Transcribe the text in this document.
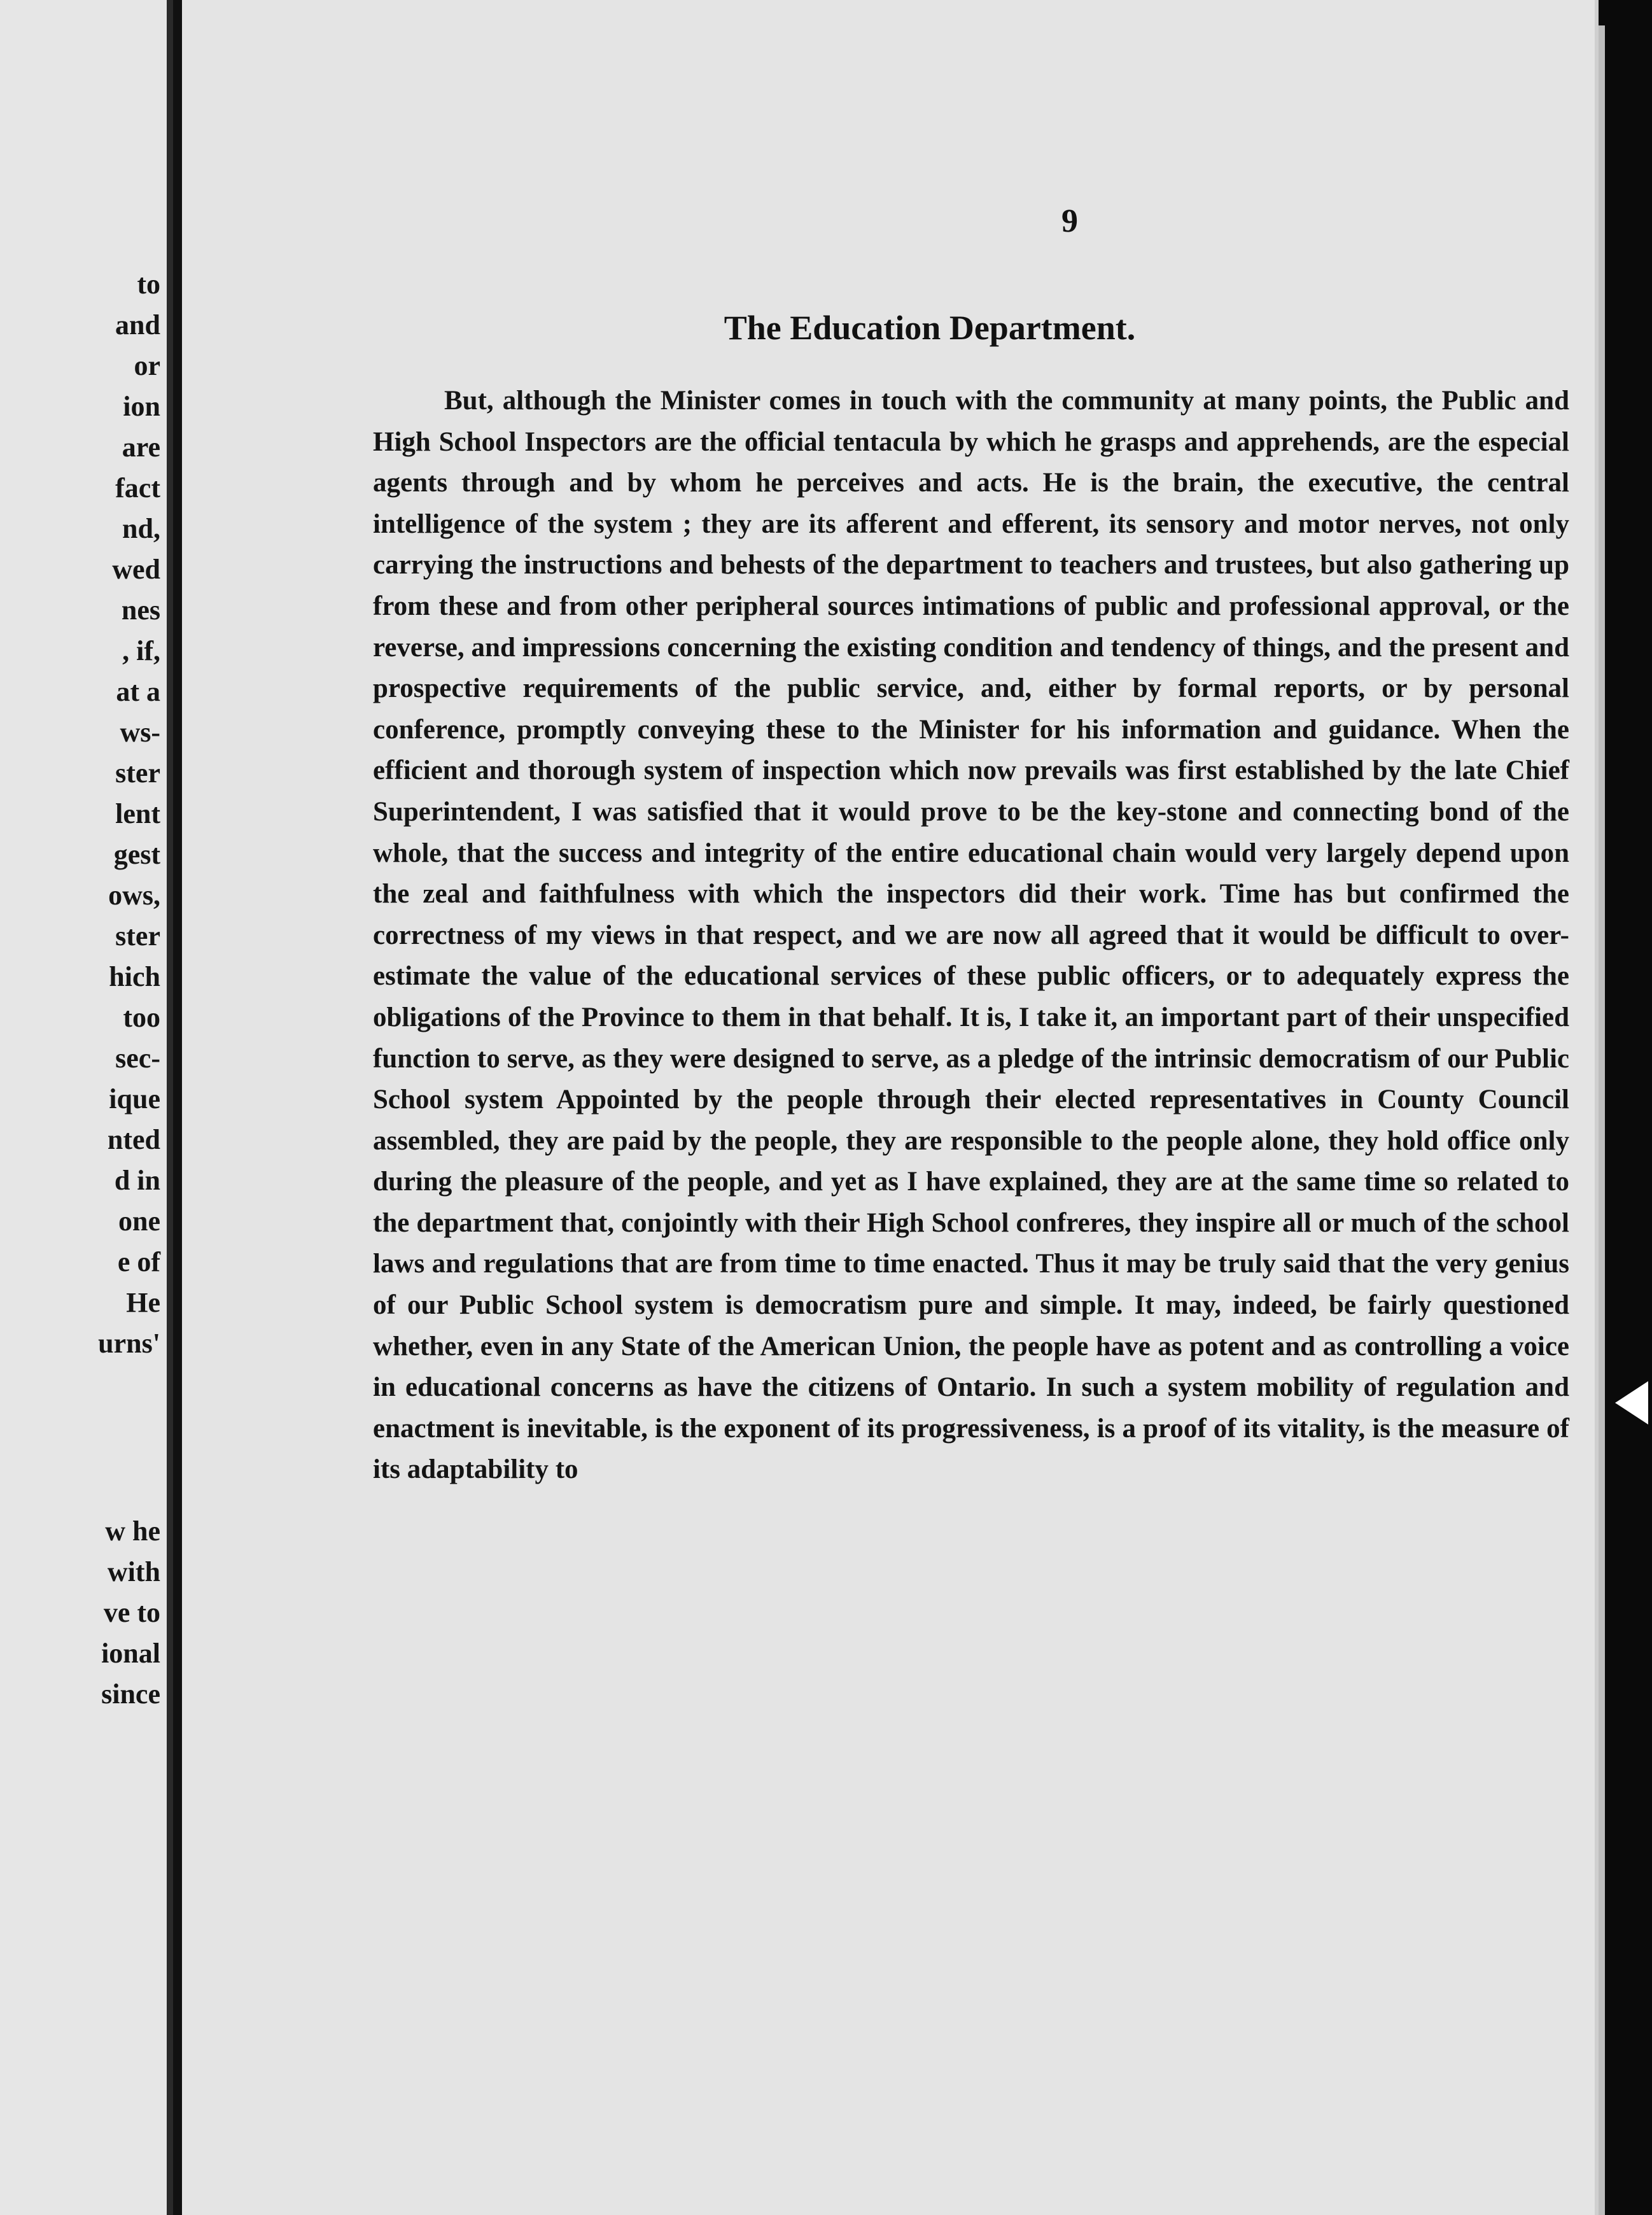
to
and
or
ion
are
fact
nd,
wed
nes
, if,
at a
ws-
ster
lent
gest
ows,
ster
hich
too
sec-
ique
nted
d in
one
e of
He
urns'
w he
with
ve to
ional
since
9
The Education Department.

But, although the Minister comes in touch with the community at many points, the Public and High School Inspectors are the official tentacula by which he grasps and apprehends, are the especial agents through and by whom he perceives and acts. He is the brain, the executive, the central intelligence of the system ; they are its afferent and efferent, its sensory and motor nerves, not only carrying the instructions and behests of the department to teachers and trustees, but also gathering up from these and from other peripheral sources intimations of public and professional approval, or the reverse, and impressions concerning the existing condition and tendency of things, and the present and prospective requirements of the public service, and, either by formal reports, or by personal conference, promptly conveying these to the Minister for his information and guidance. When the efficient and thorough system of inspection which now prevails was first established by the late Chief Superintendent, I was satisfied that it would prove to be the key-stone and connecting bond of the whole, that the success and integrity of the entire educational chain would very largely depend upon the zeal and faithfulness with which the inspectors did their work. Time has but confirmed the correctness of my views in that respect, and we are now all agreed that it would be difficult to over-estimate the value of the educational services of these public officers, or to adequately express the obligations of the Province to them in that behalf. It is, I take it, an important part of their unspecified function to serve, as they were designed to serve, as a pledge of the intrinsic democratism of our Public School system Appointed by the people through their elected representatives in County Council assembled, they are paid by the people, they are responsible to the people alone, they hold office only during the pleasure of the people, and yet as I have explained, they are at the same time so related to the department that, conjointly with their High School confreres, they inspire all or much of the school laws and regulations that are from time to time enacted. Thus it may be truly said that the very genius of our Public School system is democratism pure and simple. It may, indeed, be fairly questioned whether, even in any State of the American Union, the people have as potent and as controlling a voice in educational concerns as have the citizens of Ontario. In such a system mobility of regulation and enactment is inevitable, is the exponent of its progressiveness, is a proof of its vitality, is the measure of its adaptability to
